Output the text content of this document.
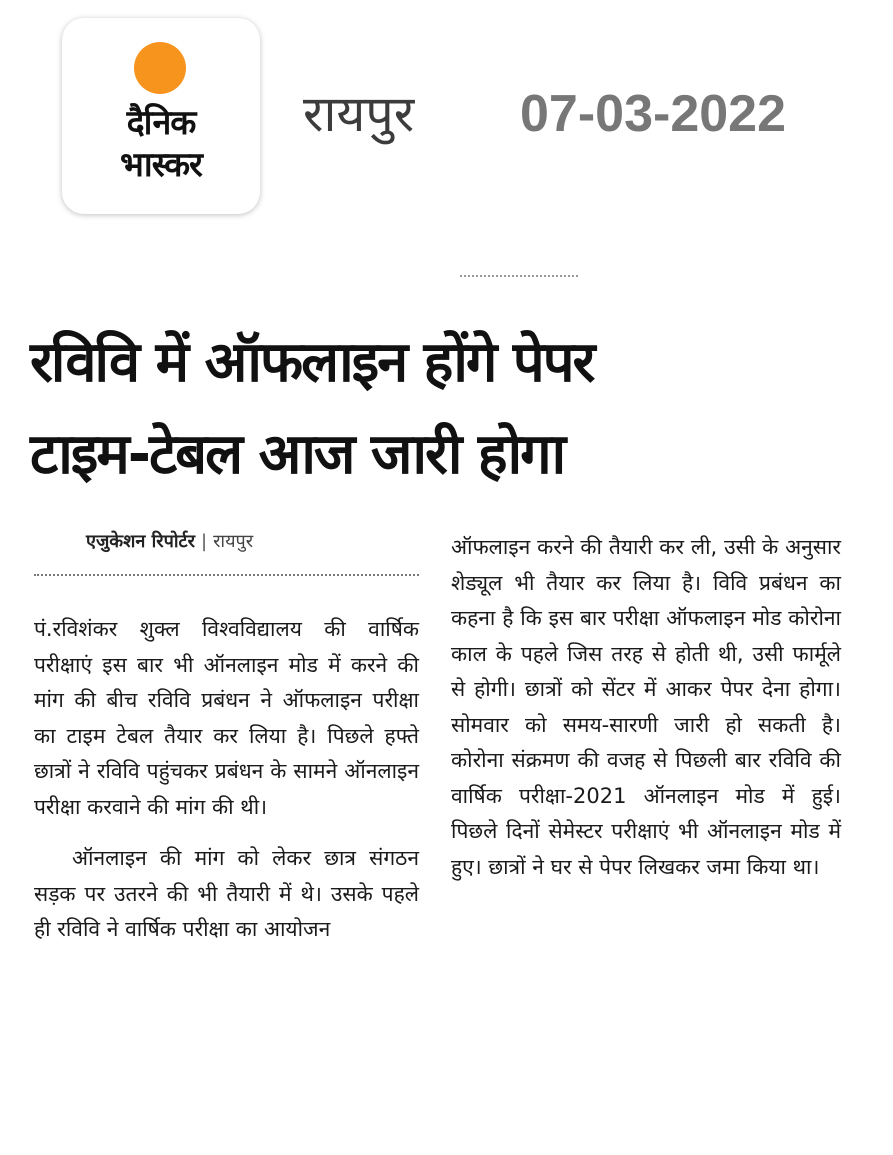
दैनिक
भास्कर
रायपुर 07-03-2022
रविवि में ऑफलाइन होंगे पेपर
टाइम-टेबल आज जारी होगा
एजुकेशन रिपोर्टर | रायपुर

पं.रविशंकर शुक्ल विश्वविद्यालय की वार्षिक परीक्षाएं इस बार भी ऑनलाइन मोड में करने की मांग की बीच रविवि प्रबंधन ने ऑफलाइन परीक्षा का टाइम टेबल तैयार कर लिया है। पिछले हफ्ते छात्रों ने रविवि पहुंचकर प्रबंधन के सामने ऑनलाइन परीक्षा करवाने की मांग की थी।

ऑनलाइन की मांग को लेकर छात्र संगठन सड़क पर उतरने की भी तैयारी में थे। उसके पहले ही रविवि ने वार्षिक परीक्षा का आयोजन

ऑफलाइन करने की तैयारी कर ली, उसी के अनुसार शेड्यूल भी तैयार कर लिया है। विवि प्रबंधन का कहना है कि इस बार परीक्षा ऑफलाइन मोड कोरोना काल के पहले जिस तरह से होती थी, उसी फार्मूले से होगी। छात्रों को सेंटर में आकर पेपर देना होगा। सोमवार को समय-सारणी जारी हो सकती है। कोरोना संक्रमण की वजह से पिछली बार रविवि की वार्षिक परीक्षा-2021 ऑनलाइन मोड में हुई। पिछले दिनों सेमेस्टर परीक्षाएं भी ऑनलाइन मोड में हुए। छात्रों ने घर से पेपर लिखकर जमा किया था।
